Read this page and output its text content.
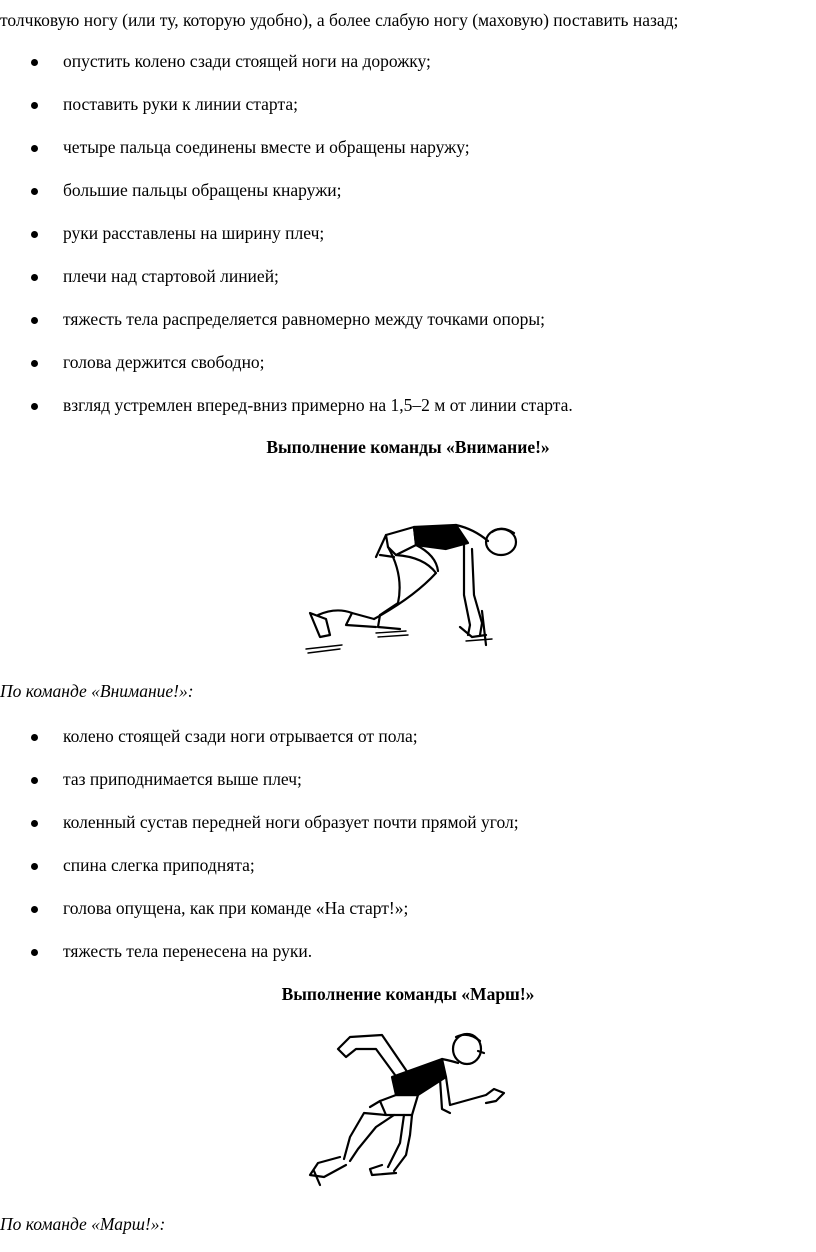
толчковую ногу (или ту, которую удобно), а более слабую ногу (маховую) поставить назад;
опустить колено сзади стоящей ноги на дорожку;
поставить руки к линии старта;
четыре пальца соединены вместе и обращены наружу;
большие пальцы обращены кнаружи;
руки расставлены на ширину плеч;
плечи над стартовой линией;
тяжесть тела распределяется равномерно между точками опоры;
голова держится свободно;
взгляд устремлен вперед-вниз примерно на 1,5–2 м от линии старта.
Выполнение команды «Внимание!»
По команде «Внимание!»:
колено стоящей сзади ноги отрывается от пола;
таз приподнимается выше плеч;
коленный сустав передней ноги образует почти прямой угол;
спина слегка приподнята;
голова опущена, как при команде «На старт!»;
тяжесть тела перенесена на руки.
Выполнение команды «Марш!»
По команде «Марш!»:
